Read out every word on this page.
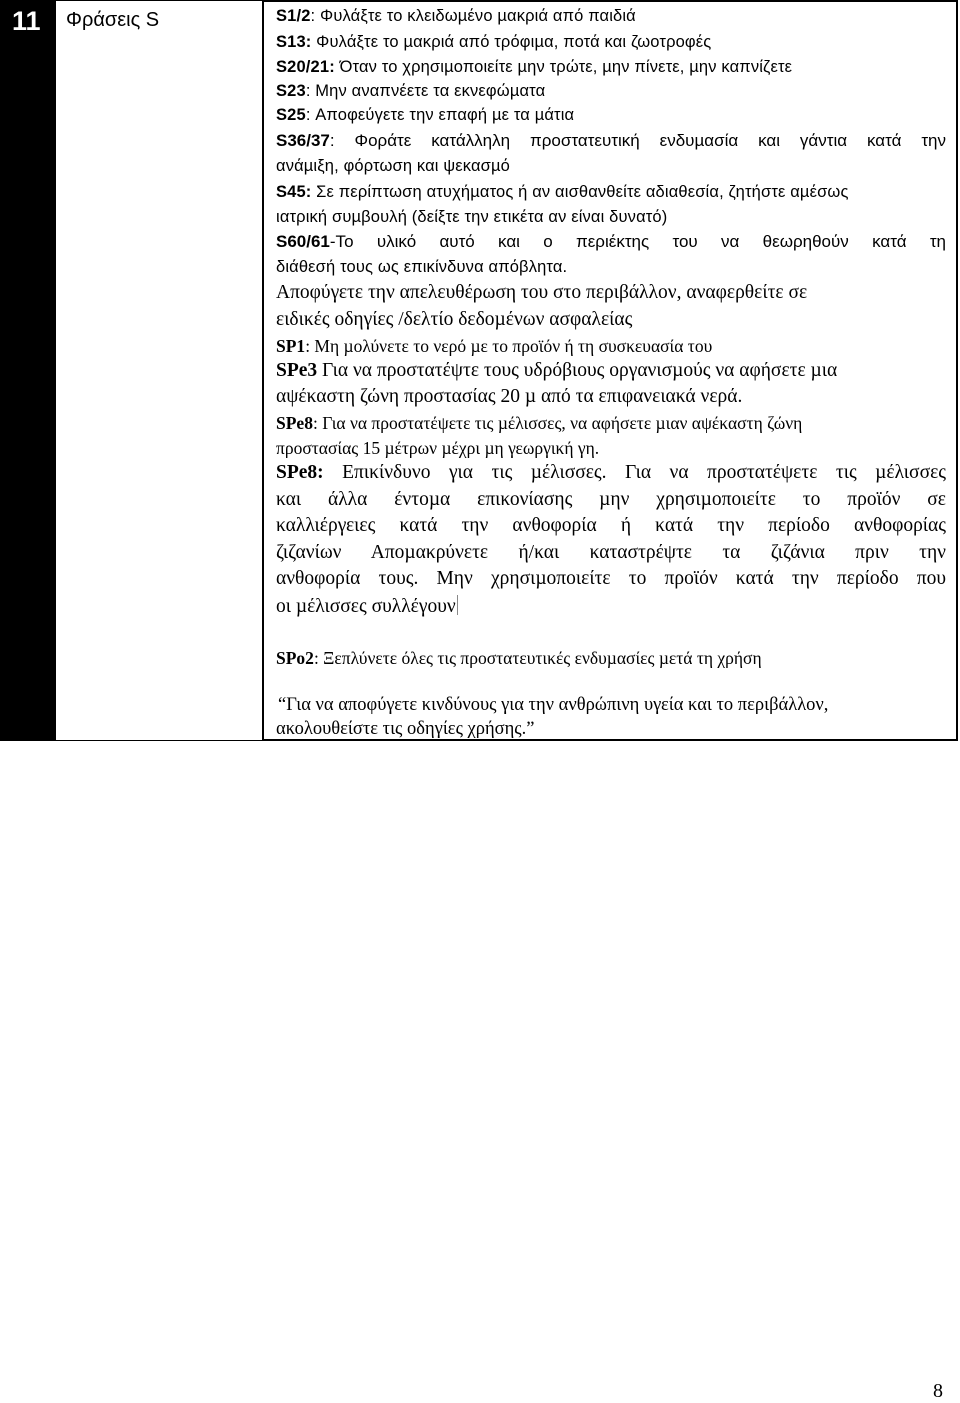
11 Φράσεις S	S1/2: Φυλάξτε το κλειδωµένο µακριά από παιδιά
S13: Φυλάξτε το µακριά από τρόφιµα, ποτά και ζωοτροφές
S20/21: Όταν το χρησιµοποιείτε µην τρώτε, µην πίνετε, µην καπνίζετε
S23: Μην αναπνέετε τα εκνεφώµατα
S25: Αποφεύγετε την επαφή µε τα µάτια
S36/37: Φοράτε κατάλληλη προστατευτική ενδυµασία και γάντια κατά την
ανάµιξη, φόρτωση και ψεκασµό
S45: Σε περίπτωση ατυχήµατος ή αν αισθανθείτε αδιαθεσία, ζητήστε αµέσως
ιατρική συµβουλή (δείξτε την ετικέτα αν είναι δυνατό)
S60/61-Το υλικό αυτό και ο περιέκτης του να θεωρηθούν κατά τη
διάθεσή τους ως επικίνδυνα απόβλητα.
Αποφύγετε την απελευθέρωση του στο περιβάλλον, αναφερθείτε σε
ειδικές οδηγίες /δελτίο δεδοµένων ασφαλείας
SP1: Μη µολύνετε το νερό µε το προϊόν ή τη συσκευασία του
SPe3 Για να προστατέψτε τους υδρόβιους οργανισµούς να αφήσετε µια
αψέκαστη ζώνη προστασίας 20 µ από τα επιφανειακά νερά.
SPe8: Για να προστατέψετε τις µέλισσες, να αφήσετε µιαν αψέκαστη ζώνη
προστασίας 15 µέτρων µέχρι µη γεωργική γη.
SPe8: Επικίνδυνο για τις µέλισσες. Για να προστατέψετε τις µέλισσες
και άλλα έντοµα επικονίασης µην χρησιµοποιείτε το προϊόν σε
καλλιέργειες κατά την ανθοφορία ή κατά την περίοδο ανθοφορίας
ζιζανίων Αποµακρύνετε ή/και καταστρέψτε τα ζιζάνια πριν την
ανθοφορία τους. Μην χρησιµοποιείτε το προϊόν κατά την περίοδο που
οι µέλισσες συλλέγουν
SPo2: Ξεπλύνετε όλες τις προστατευτικές ενδυµασίες µετά τη χρήση
“Για να αποφύγετε κινδύνους για την ανθρώπινη υγεία και το περιβάλλον,
ακολουθείστε τις οδηγίες χρήσης.”
8
